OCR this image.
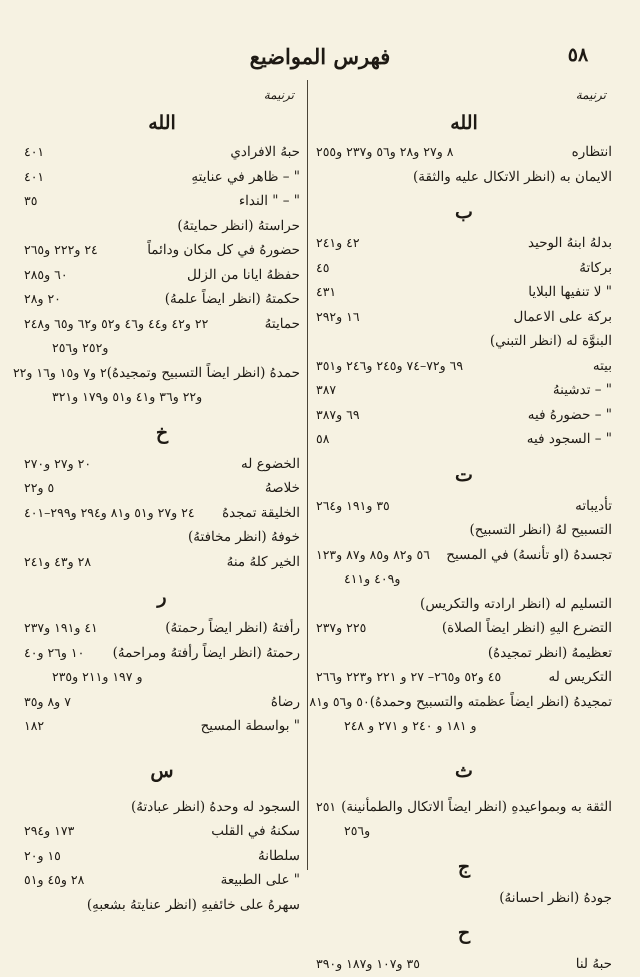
٥٨
فهرس المواضيع
ترنيمة
الله
انتظاره
٨ و٢٧ و٢٨ و٥٦ و٢٣٧ و٢٥٥
الايمان به (انظر الاتكال عليه والثقة)
ب
بدلهُ ابنهُ الوحيد
٤٢ و٢٤١
بركاتهُ
٤٥
" لا تنفيها البلايا
٤٣١
بركة على الاعمال
١٦ و٢٩٢
البنوَّة له (انظر التبني)
بيته
٦٩ و٧٢–٧٤ و٢٤٥ و٢٤٦ و٣٥١
" – تدشينهُ
٣٨٧
" – حضورهُ فيه
٦٩ و٣٨٧
" – السجود فيه
٥٨
ت
تأديباته
٣٥ و١٩١ و٢٦٤
التسبيح لهُ (انظر التسبيح)
تجسدهُ (او تأنسهُ) في المسيح
٥٦ و٨٢ و٨٥ و٨٧ و١٢٣
و٤٠٩ و٤١١
التسليم له (انظر ارادته والتكريس)
التضرع اليهِ (انظر ايضاً الصلاة)
٢٢٥ و٢٣٧
تعظيمهُ (انظر تمجيدهُ)
التكريس له
٤٥ و٥٢ و٢٦٥– ٢٧ و ٢٢١ و٢٢٣ و٢٦٦
تمجيدهُ (انظر ايضاً عظمته والتسبيح وحمدهُ)
٥٠ و٥٦ و٨١
و ١٨١ و ٢٤٠ و ٢٧١ و ٢٤٨
ث
الثقة به وبمواعيدهِ (انظر ايضاً الاتكال والطمأنينة)
٢٥١
و٢٥٦
ج
جودهُ (انظر احسانهُ)
ح
حبهُ لنا
٣٥ و١٠٧ و١٨٧ و٣٩٠
ترنيمة
الله
حبهُ الافرادي
٤٠١
" – ظاهر في عنايتهِ
٤٠١
" – " النداء
٣٥
حراستهُ (انظر حمايتهُ)
حضورهُ في كل مكان ودائماً
٢٤ و٢٢٢ و٢٦٥
حفظهُ ايانا من الزلل
٦٠ و٢٨٥
حكمتهُ (انظر ايضاً علمهُ)
٢٠ و٢٨
حمايتهُ
٢٢ و٤٢ و٤٤ و٤٦ و٥٢ و٦٢ و٦٥ و٢٤٨
و٢٥٢ و٢٥٦
حمدهُ (انظر ايضاً التسبيح وتمجيدهُ)
٢ و٧ و١٥ و١٦ و٢٢
و٢٢ و٣٦ و٤١ و٥١ و١٧٩ و٣٢١
خ
الخضوع له
٢٠ و٢٧ و٢٧٠
خلاصهُ
٥ و٢٢
الخليقة تمجدهُ
٢٤ و٢٧ و٥١ و٨١ و٢٩٤ و٢٩٩–٤٠١
خوفهُ (انظر مخافتهُ)
الخير كلهُ منهُ
٢٨ و٤٣ و٢٤١
ر
رأفتهُ (انظر ايضاً رحمتهُ)
٤١ و١٩١ و٢٣٧
رحمتهُ (انظر ايضاً رأفتهُ ومراحمهُ)
١٠ و٢٦ و٤٠
و ١٩٧ و٢١١ و٢٣٥
رضاهُ
٧ و٨ و٣٥
" بواسطة المسيح
١٨٢
س
السجود له وحدهُ (انظر عبادتهُ)
سكنهُ في القلب
١٧٣ و٢٩٤
سلطانهُ
١٥ و٢٠
" على الطبيعة
٢٨ و٤٥ و٥١
سهرهُ على خائفيهِ (انظر عنايتهُ بشعبهِ)
